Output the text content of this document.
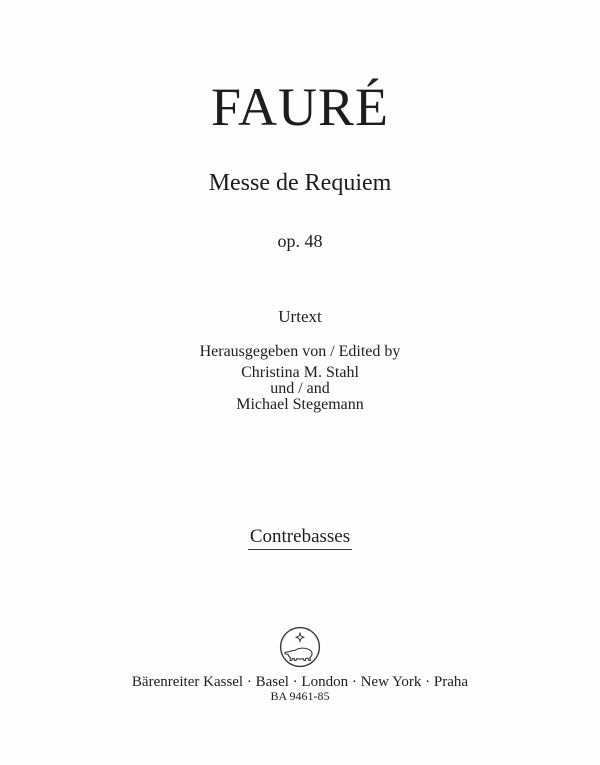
FAURÉ
Messe de Requiem
op. 48
Urtext
Herausgegeben von / Edited by
Christina M. Stahl
und / and
Michael Stegemann
Contrebasses
Bärenreiter Kassel · Basel · London · New York · Praha
BA 9461-85
